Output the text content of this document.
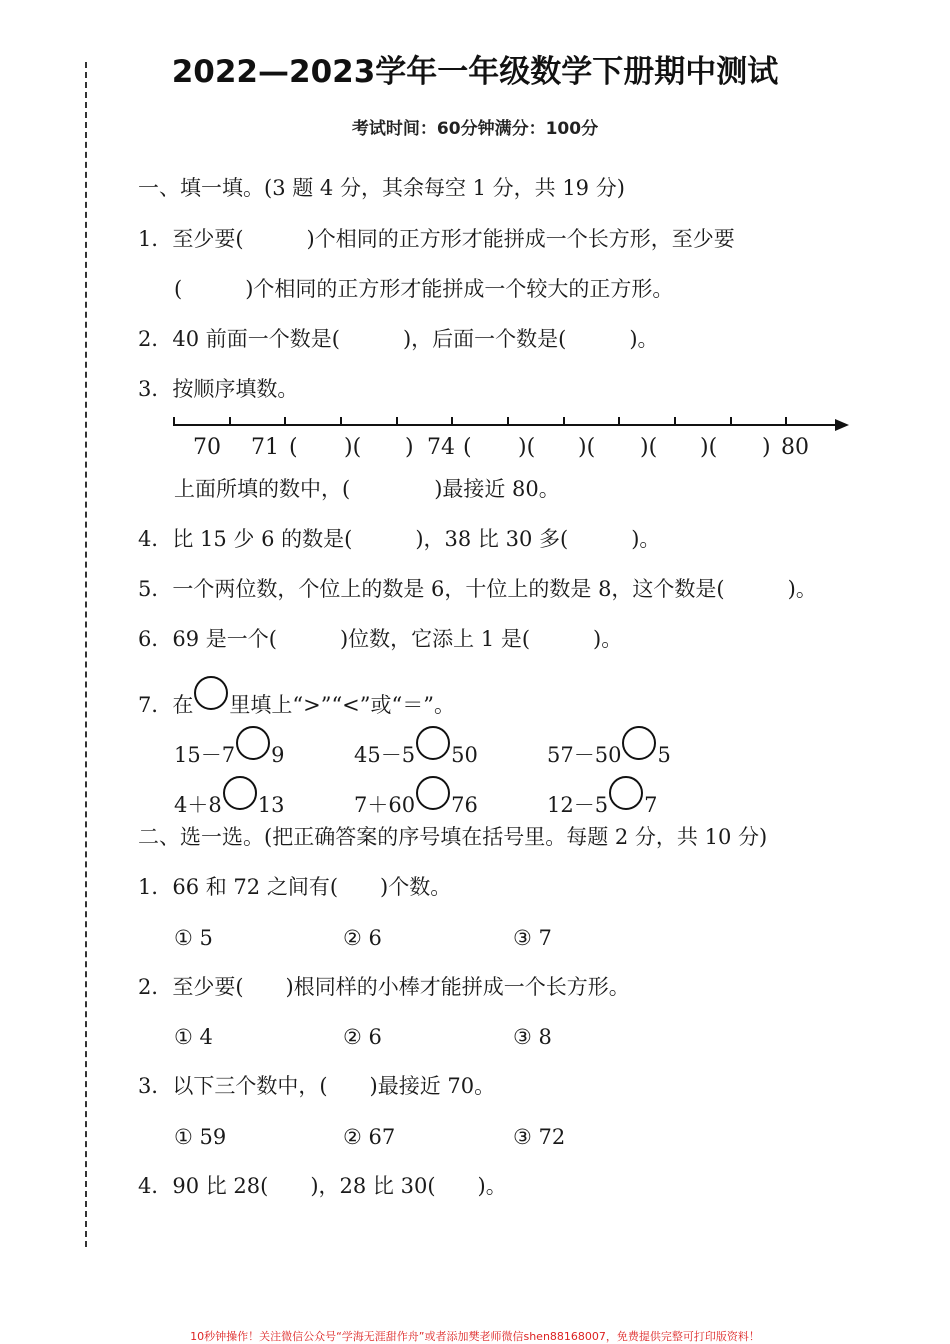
2022—2023学年一年级数学下册期中测试
考试时间：60分钟满分：100分
一、填一填。(3 题 4 分，其余每空 1 分，共 19 分)
1．至少要(　　　)个相同的正方形才能拼成一个长方形，至少要
(　　　)个相同的正方形才能拼成一个较大的正方形。
2．40 前面一个数是(　　　)，后面一个数是(　　　)。
3．按顺序填数。
70 71 ( )( ) 74 ( )( )( )( )( ) 80
上面所填的数中，(　　　　)最接近 80。
4．比 15 少 6 的数是(　　　)，38 比 30 多(　　　)。
5．一个两位数，个位上的数是 6，十位上的数是 8，这个数是(　　　)。
6．69 是一个(　　　)位数，它添上 1 是(　　　)。
7．在 里填上“>”“<”或“＝”。
15－7 9	45－5 50	57－50 5
4＋8 13	7＋60 76	12－5 7
二、选一选。(把正确答案的序号填在括号里。每题 2 分，共 10 分)
1．66 和 72 之间有(　　)个数。
① 5	② 6	③ 7
2．至少要(　　)根同样的小棒才能拼成一个长方形。
① 4	② 6	③ 8
3．以下三个数中，(　　)最接近 70。
① 59	② 67	③ 72
4．90 比 28(　　)，28 比 30(　　)。
10秒钟操作！关注微信公众号“学海无涯甜作舟”或者添加樊老师微信shen88168007，免费提供完整可打印版资料！
